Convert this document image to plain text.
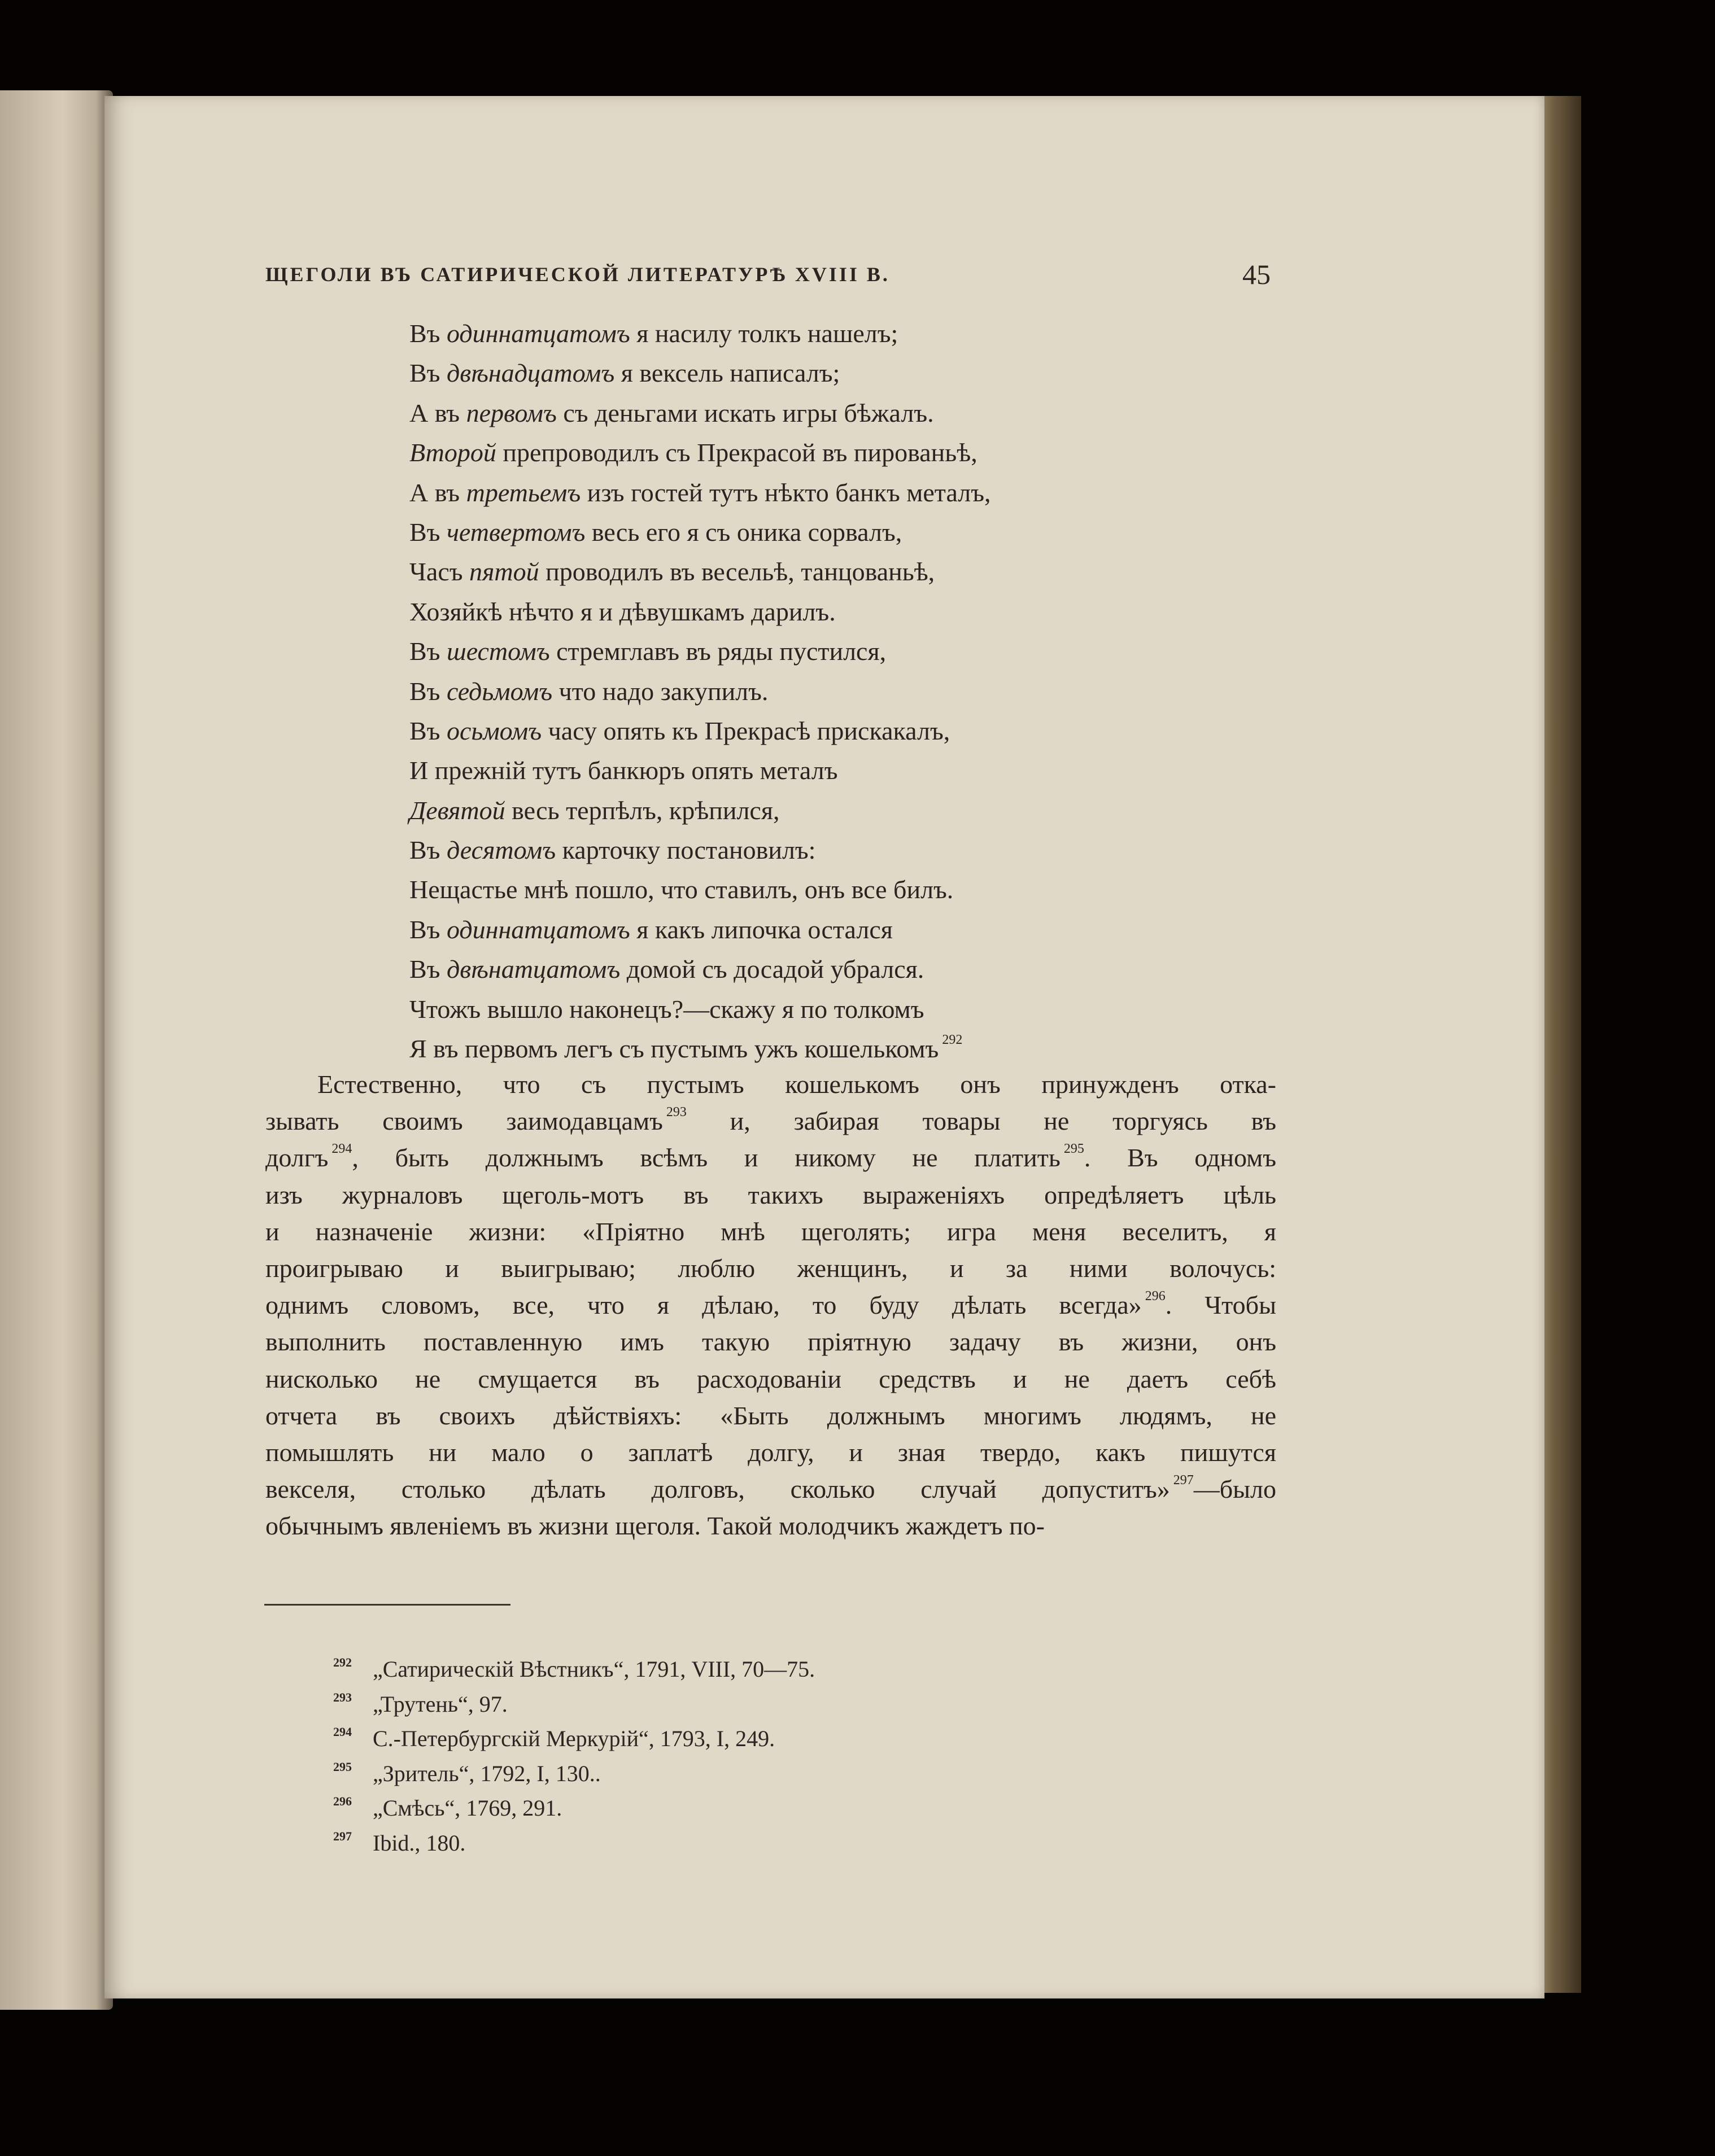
ЩЕГОЛИ ВЪ САТИРИЧЕСКОЙ ЛИТЕРАТУРѢ XVIII В.	45
Въ одиннатцатомъ я насилу толкъ нашелъ;
Въ двѣнадцатомъ я вексель написалъ;
А въ первомъ съ деньгами искать игры бѣжалъ.
Второй препроводилъ съ Прекрасой въ пированьѣ,
А въ третьемъ изъ гостей тутъ нѣкто банкъ металъ,
Въ четвертомъ весь его я съ оника сорвалъ,
Часъ пятой проводилъ въ весельѣ, танцованьѣ,
Хозяйкѣ нѣчто я и дѣвушкамъ дарилъ.
Въ шестомъ стремглавъ въ ряды пустился,
Въ седьмомъ что надо закупилъ.
Въ осьмомъ часу опять къ Прекрасѣ прискакалъ,
И прежній тутъ банкюръ опять металъ
Девятой весь терпѣлъ, крѣпился,
Въ десятомъ карточку постановилъ:
Нещастье мнѣ пошло, что ставилъ, онъ все билъ.
Въ одиннатцатомъ я какъ липочка остался
Въ двѣнатцатомъ домой съ досадой убрался.
Чтожъ вышло наконецъ?—скажу я по толкомъ
Я въ первомъ легъ съ пустымъ ужъ кошелькомъ $^{292}$

Естественно, что съ пустымъ кошелькомъ онъ принужденъ отка-
зывать своимъ заимодавцамъ $^{293}$ и, забирая товары не торгуясь въ
долгъ $^{294}$, быть должнымъ всѣмъ и никому не платить $^{295}$. Въ одномъ
изъ журналовъ щеголь-мотъ въ такихъ выраженіяхъ опредѣляетъ цѣль
и назначеніе жизни: «Пріятно мнѣ щеголять; игра меня веселитъ, я
проигрываю и выигрываю; люблю женщинъ, и за ними волочусь:
однимъ словомъ, все, что я дѣлаю, то буду дѣлать всегда» $^{296}$. Чтобы
выполнить поставленную имъ такую пріятную задачу въ жизни, онъ
нисколько не смущается въ расходованіи средствъ и не даетъ себѣ
отчета въ своихъ дѣйствіяхъ: «Быть должнымъ многимъ людямъ, не
помышлять ни мало о заплатѣ долгу, и зная твердо, какъ пишутся
векселя, столько дѣлать долговъ, сколько случай допуститъ» $^{297}$—было
обычнымъ явленіемъ въ жизни щеголя. Такой молодчикъ жаждетъ по-

292 „Сатирическій Вѣстникъ“, 1791, VIII, 70—75.
293 „Трутень“, 97.
294 С.-Петербургскій Меркурій“, 1793, I, 249.
295 „Зритель“, 1792, I, 130..
296 „Смѣсь“, 1769, 291.
297 Ibid., 180.
